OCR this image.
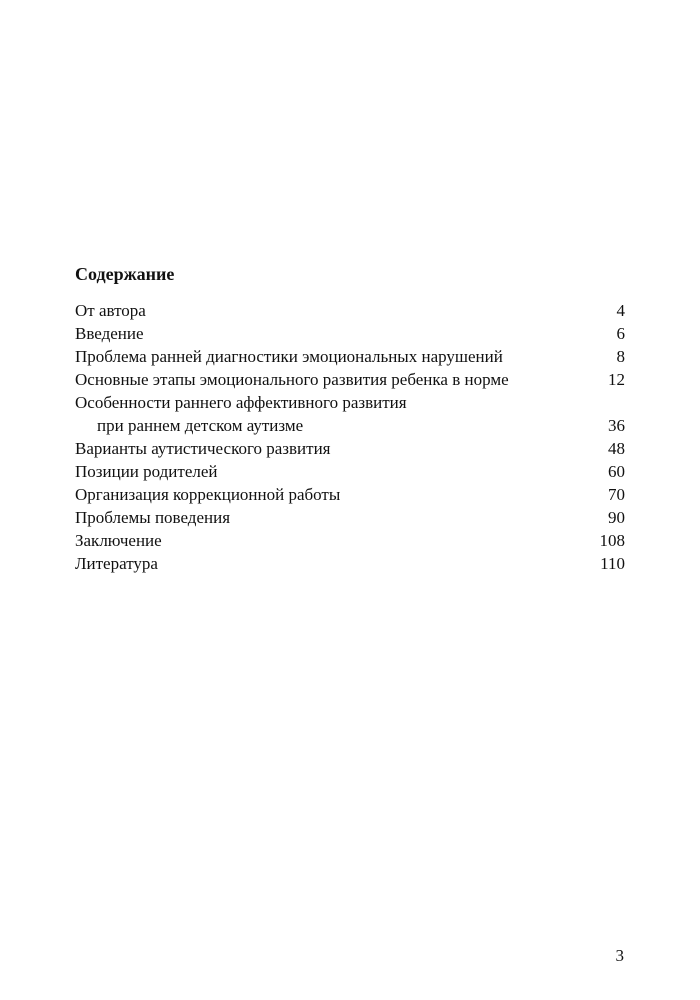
Содержание
От автора	4
Введение	6
Проблема ранней диагностики эмоциональных нарушений	8
Основные этапы эмоционального развития ребенка в норме	12
Особенности раннего аффективного развития
при раннем детском аутизме	36
Варианты аутистического развития	48
Позиции родителей	60
Организация коррекционной работы	70
Проблемы поведения	90
Заключение	108
Литература	110
3
